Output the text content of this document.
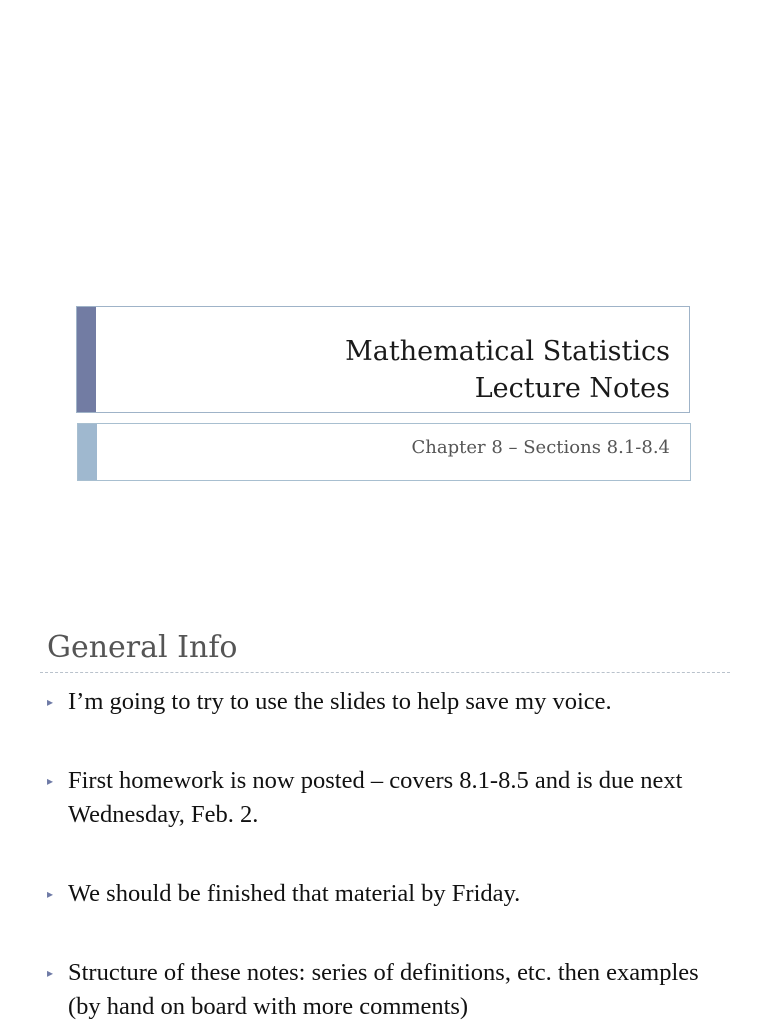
Mathematical Statistics
Lecture Notes
Chapter 8 – Sections 8.1-8.4
General Info
▸ I’m going to try to use the slides to help save my voice.
▸ First homework is now posted – covers 8.1-8.5 and is due next Wednesday, Feb. 2.
▸ We should be finished that material by Friday.
▸ Structure of these notes: series of definitions, etc. then examples (by hand on board with more comments)
